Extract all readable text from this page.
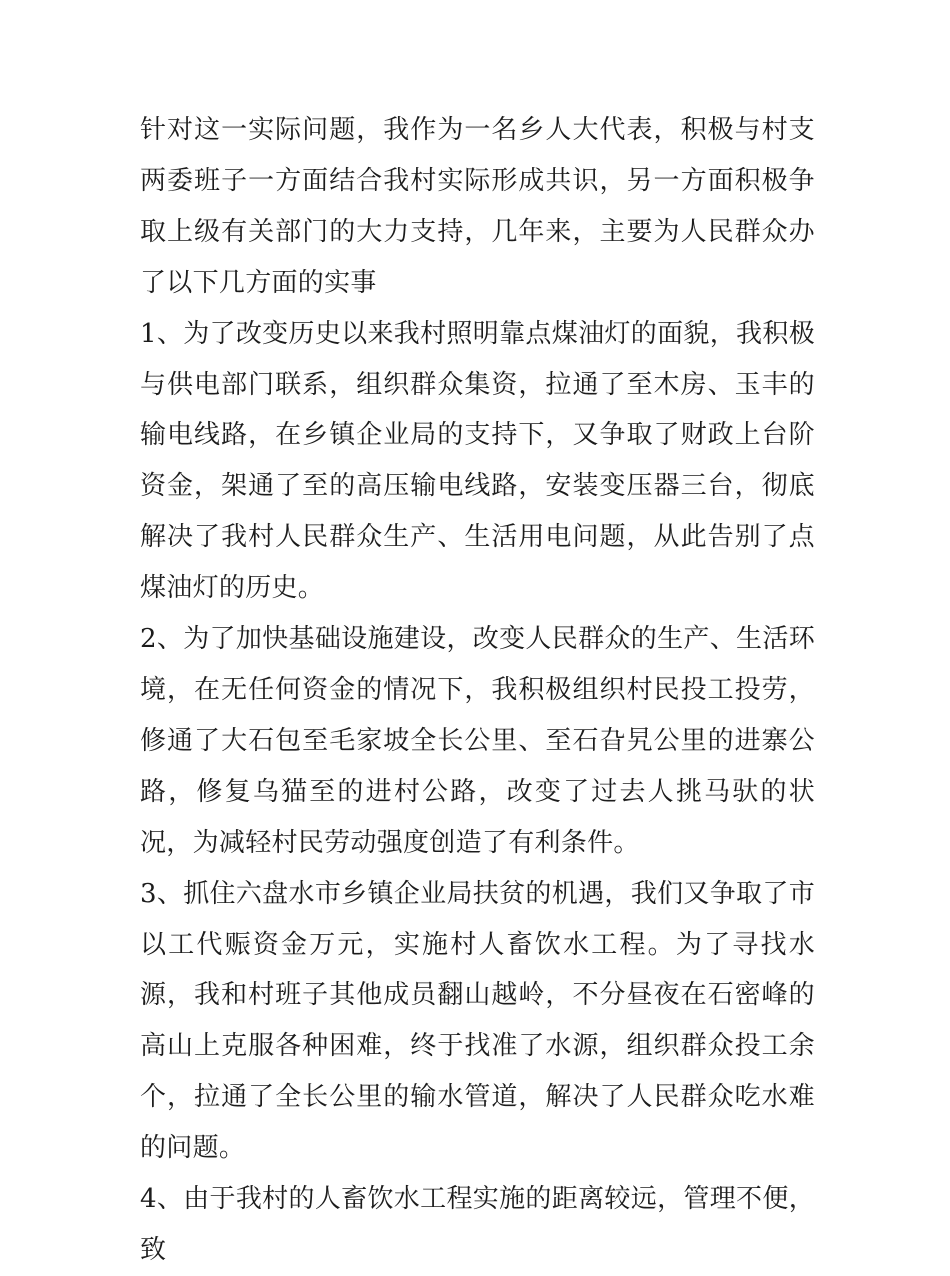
针对这一实际问题，我作为一名乡人大代表，积极与村支两委班子一方面结合我村实际形成共识，另一方面积极争取上级有关部门的大力支持，几年来，主要为人民群众办了以下几方面的实事

1、为了改变历史以来我村照明靠点煤油灯的面貌，我积极与供电部门联系，组织群众集资，拉通了至木房、玉丰的输电线路，在乡镇企业局的支持下，又争取了财政上台阶资金，架通了至的高压输电线路，安装变压器三台，彻底解决了我村人民群众生产、生活用电问题，从此告别了点煤油灯的历史。

2、为了加快基础设施建设，改变人民群众的生产、生活环境，在无任何资金的情况下，我积极组织村民投工投劳，修通了大石包至毛家坡全长公里、至石旮旯公里的进寨公路，修复乌猫至的进村公路，改变了过去人挑马驮的状况，为减轻村民劳动强度创造了有利条件。

3、抓住六盘水市乡镇企业局扶贫的机遇，我们又争取了市以工代赈资金万元，实施村人畜饮水工程。为了寻找水源，我和村班子其他成员翻山越岭，不分昼夜在石密峰的高山上克服各种困难，终于找准了水源，组织群众投工余个，拉通了全长公里的输水管道，解决了人民群众吃水难的问题。

4、由于我村的人畜饮水工程实施的距离较远，管理不便，致
